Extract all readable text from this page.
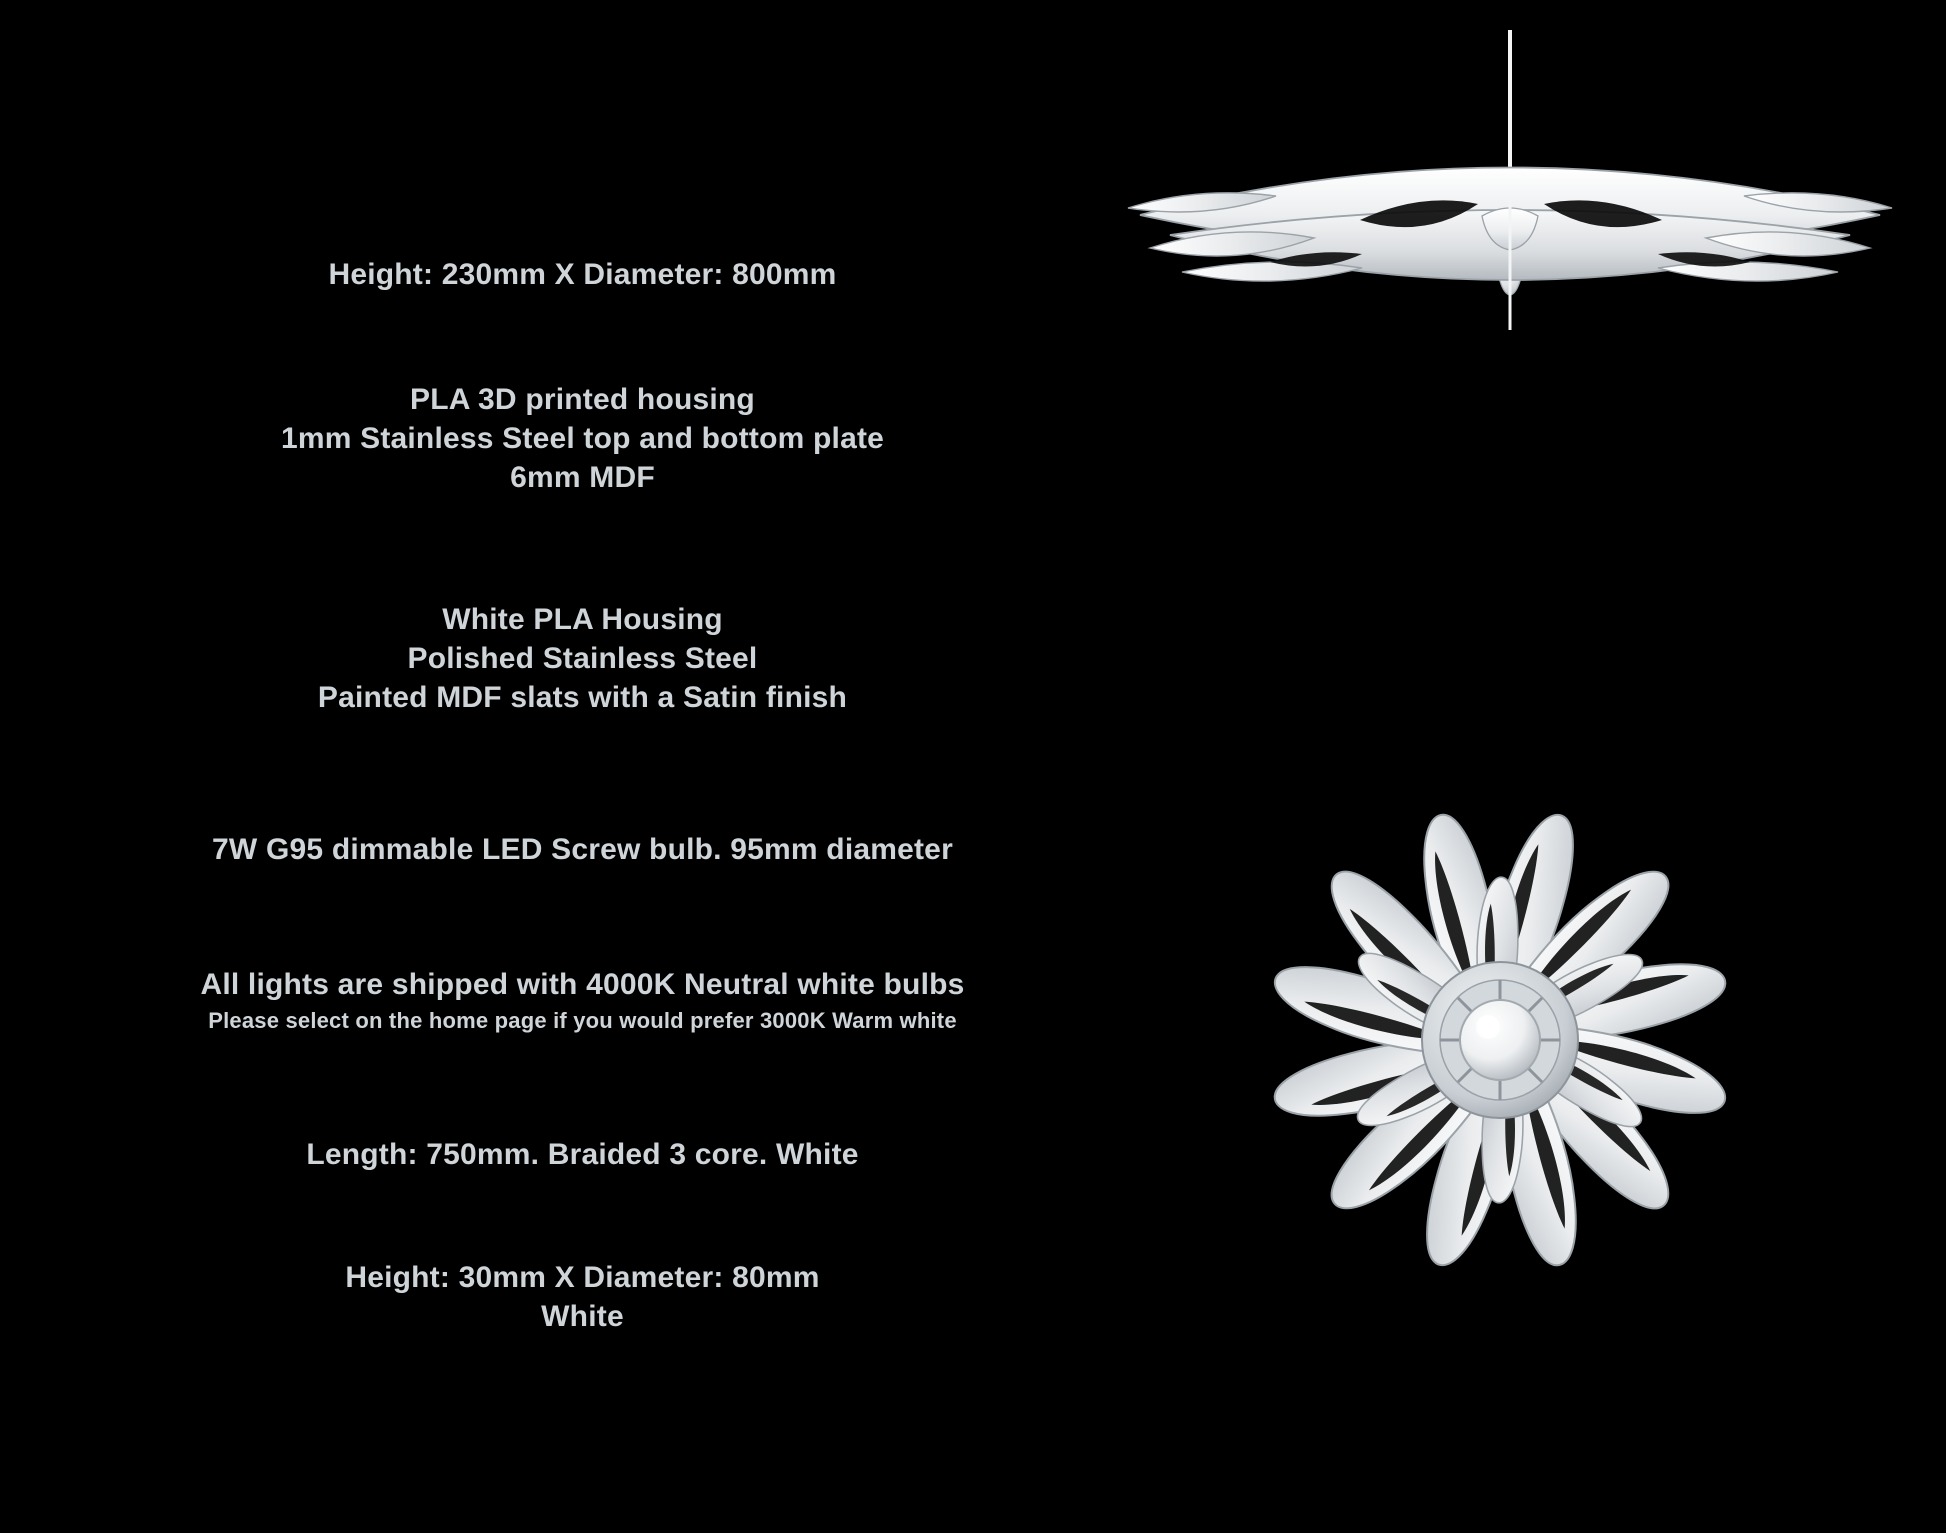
Height: 230mm X Diameter: 800mm
PLA 3D printed housing
1mm Stainless Steel top and bottom plate
6mm MDF
White PLA Housing
Polished Stainless Steel
Painted MDF slats with a Satin finish
7W G95 dimmable LED Screw bulb. 95mm diameter
All lights are shipped with 4000K Neutral white bulbs
Please select on the home page if you would prefer 3000K Warm white
Length: 750mm. Braided 3 core. White
Height: 30mm X Diameter: 80mm
White
